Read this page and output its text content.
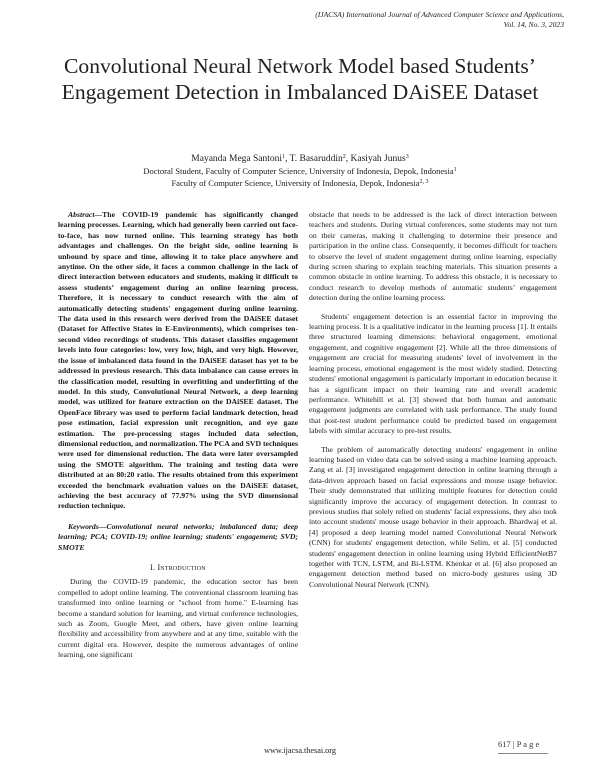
(IJACSA) International Journal of Advanced Computer Science and Applications,
Vol. 14, No. 3, 2023
Convolutional Neural Network Model based Students’ Engagement Detection in Imbalanced DAiSEE Dataset
Mayanda Mega Santoni$^1$, T. Basaruddin$^2$, Kasiyah Junus$^3$
Doctoral Student, Faculty of Computer Science, University of Indonesia, Depok, Indonesia$^1$
Faculty of Computer Science, University of Indonesia, Depok, Indonesia$^{2, 3}$

Abstract—The COVID-19 pandemic has significantly changed learning processes. Learning, which had generally been carried out face-to-face, has now turned online. This learning strategy has both advantages and challenges. On the bright side, online learning is unbound by space and time, allowing it to take place anywhere and anytime. On the other side, it faces a common challenge in the lack of direct interaction between educators and students, making it difficult to assess students’ engagement during an online learning process. Therefore, it is necessary to conduct research with the aim of automatically detecting students' engagement during online learning. The data used in this research were derived from the DAiSEE dataset (Dataset for Affective States in E-Environments), which comprises ten-second video recordings of students. This dataset classifies engagement levels into four categories: low, very low, high, and very high. However, the issue of imbalanced data found in the DAiSEE dataset has yet to be addressed in previous research. This data imbalance can cause errors in the classification model, resulting in overfitting and underfitting of the model. In this study, Convolutional Neural Network, a deep learning model, was utilized for feature extraction on the DAiSEE dataset. The OpenFace library was used to perform facial landmark detection, head pose estimation, facial expression unit recognition, and eye gaze estimation. The pre-processing stages included data selection, dimensional reduction, and normalization. The PCA and SVD techniques were used for dimensional reduction. The data were later oversampled using the SMOTE algorithm. The training and testing data were distributed at an 80:20 ratio. The results obtained from this experiment exceeded the benchmark evaluation values on the DAiSEE dataset, achieving the best accuracy of 77.97% using the SVD dimensional reduction technique.

Keywords—Convolutional neural networks; imbalanced data; deep learning; PCA; COVID-19; online learning; students' engagement; SVD; SMOTE

I. Introduction

During the COVID-19 pandemic, the education sector has been compelled to adopt online learning. The conventional classroom learning has transformed into online learning or "school from home." E-learning has become a standard solution for learning, and virtual conference technologies, such as Zoom, Google Meet, and others, have given online learning flexibility and accessibility from anywhere and at any time, suitable with the current digital era. However, despite the numerous advantages of online learning, one significant

obstacle that needs to be addressed is the lack of direct interaction between teachers and students. During virtual conferences, some students may not turn on their cameras, making it challenging to determine their presence and participation in the online class. Consequently, it becomes difficult for teachers to observe the level of student engagement during online learning, especially during screen sharing to explain teaching materials. This situation presents a common obstacle in online learning. To address this obstacle, it is necessary to conduct research to develop methods of automatic students’ engagement detection during the online learning process.

Students' engagement detection is an essential factor in improving the learning process. It is a qualitative indicator in the learning process [1]. It entails three structured learning dimensions: behavioral engagement, emotional engagement, and cognitive engagement [2]. While all the three dimensions of engagement are crucial for measuring students' level of involvement in the learning process, emotional engagement is the most widely studied. Detecting students' emotional engagement is particularly important in education because it has a significant impact on their learning rate and overall academic performance. Whitehill et al. [3] showed that both human and automatic engagement judgments are correlated with task performance. The study found that post-test student performance could be predicted based on engagement labels with similar accuracy to pre-test results.

The problem of automatically detecting students' engagement in online learning based on video data can be solved using a machine learning approach. Zang et al. [3] investigated engagement detection in online learning through a data-driven approach based on facial expressions and mouse usage behavior. Their study demonstrated that utilizing multiple features for detection could significantly improve the accuracy of engagement detection. In contrast to previous studies that solely relied on students' facial expressions, they also took into account students' mouse usage behavior in their approach. Bhardwaj et al. [4] proposed a deep learning model named Convolutional Neural Network (CNN) for students' engagement detection, while Selim, et al. [5] conducted students' engagement detection in online learning using Hybrid EfficientNetB7 together with TCN, LSTM, and Bi-LSTM. Khenkar et al. [6] also proposed an engagement detection method based on micro-body gestures using 3D Convolutional Neural Network (CNN).

617 | P a g e
www.ijacsa.thesai.org
